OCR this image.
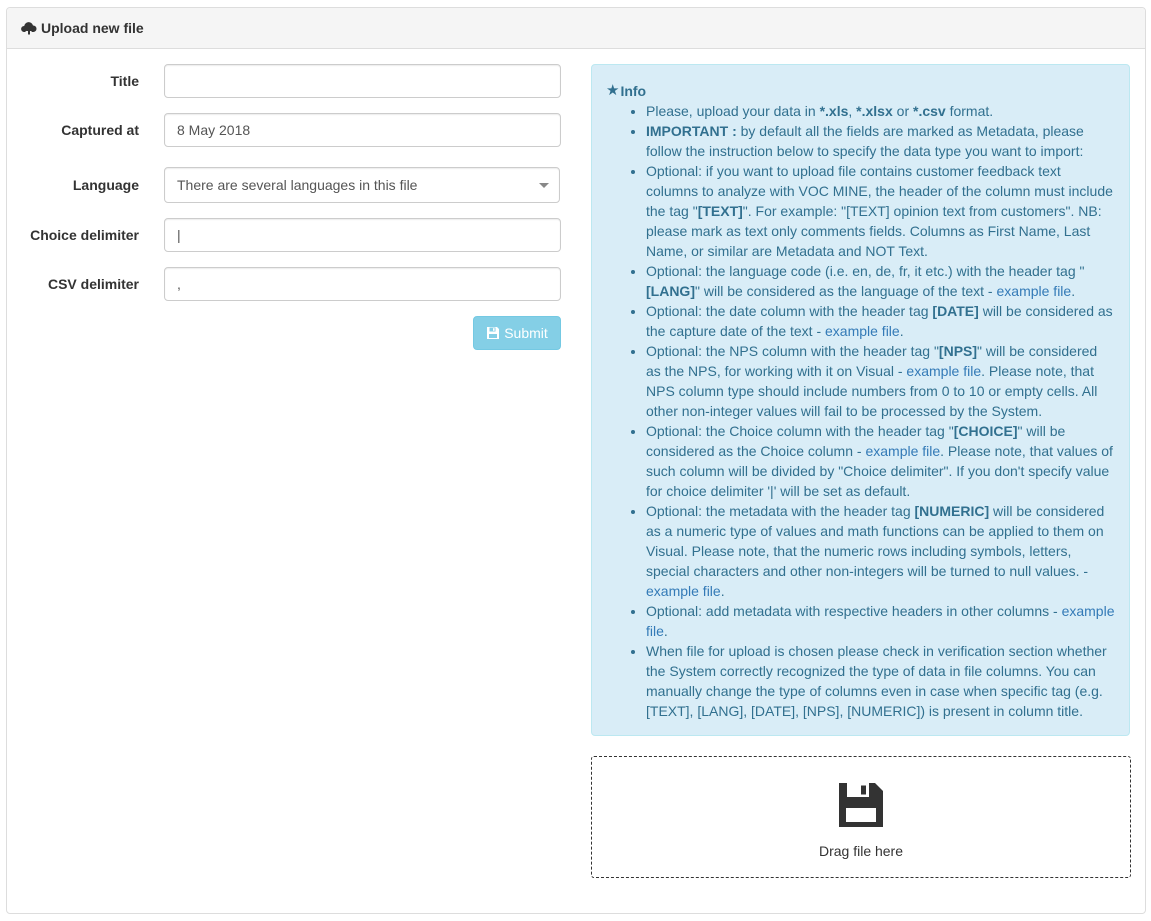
Upload new file
Title
Captured at	8 May 2018
Language	There are several languages in this file
Choice delimiter	|
CSV delimiter	,
Submit
★ Info
• Please, upload your data in *.xls, *.xlsx or *.csv format.
• IMPORTANT : by default all the fields are marked as Metadata, please follow the instruction below to specify the data type you want to import:
• Optional: if you want to upload file contains customer feedback text columns to analyze with VOC MINE, the header of the column must include the tag "[TEXT]". For example: "[TEXT] opinion text from customers". NB: please mark as text only comments fields. Columns as First Name, Last Name, or similar are Metadata and NOT Text.
• Optional: the language code (i.e. en, de, fr, it etc.) with the header tag "[LANG]" will be considered as the language of the text - example file.
• Optional: the date column with the header tag [DATE] will be considered as the capture date of the text - example file.
• Optional: the NPS column with the header tag "[NPS]" will be considered as the NPS, for working with it on Visual - example file. Please note, that NPS column type should include numbers from 0 to 10 or empty cells. All other non-integer values will fail to be processed by the System.
• Optional: the Choice column with the header tag "[CHOICE]" will be considered as the Choice column - example file. Please note, that values of such column will be divided by "Choice delimiter". If you don't specify value for choice delimiter '|' will be set as default.
• Optional: the metadata with the header tag [NUMERIC] will be considered as a numeric type of values and math functions can be applied to them on Visual. Please note, that the numeric rows including symbols, letters, special characters and other non-integers will be turned to null values. - example file.
• Optional: add metadata with respective headers in other columns - example file.
• When file for upload is chosen please check in verification section whether the System correctly recognized the type of data in file columns. You can manually change the type of columns even in case when specific tag (e.g. [TEXT], [LANG], [DATE], [NPS], [NUMERIC]) is present in column title.
Drag file here
